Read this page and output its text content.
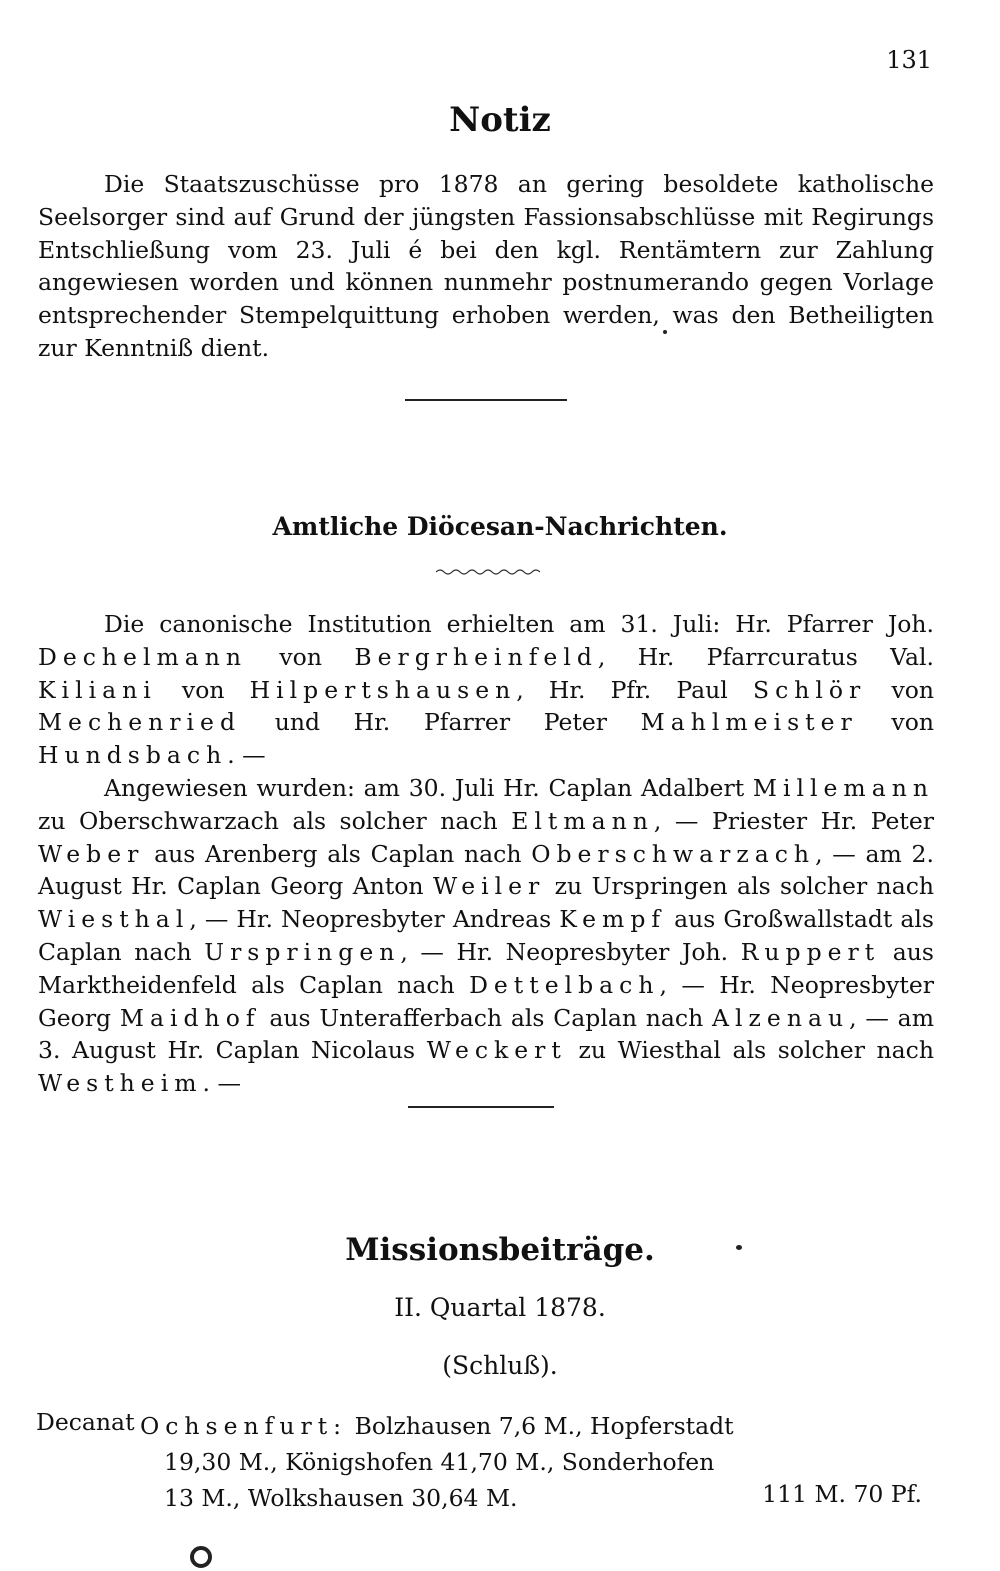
131
Notiz

Die Staatszuschüsse pro 1878 an gering besoldete katholische Seelsorger sind auf Grund der jüngsten Fassionsabschlüsse mit Regirungs Entschließung vom 23. Juli é bei den kgl. Rentämtern zur Zahlung angewiesen worden und können nunmehr postnumerando gegen Vorlage entsprechender Stempelquittung erhoben werden, was den Betheiligten zur Kenntniß dient.

Amtliche Diöcesan-Nachrichten.

Die canonische Institution erhielten am 31. Juli: Hr. Pfarrer Joh. Dechelmann von Bergrheinfeld, Hr. Pfarrcuratus Val. Kiliani von Hilpertshausen, Hr. Pfr. Paul Schlör von Mechenried und Hr. Pfarrer Peter Mahlmeister von Hundsbach. —

Angewiesen wurden: am 30. Juli Hr. Caplan Adalbert Millemann zu Oberschwarzach als solcher nach Eltmann, — Priester Hr. Peter Weber aus Arenberg als Caplan nach Oberschwarzach, — am 2. August Hr. Caplan Georg Anton Weiler zu Urspringen als solcher nach Wiesthal, — Hr. Neopresbyter Andreas Kempf aus Großwallstadt als Caplan nach Urspringen, — Hr. Neopresbyter Joh. Ruppert aus Marktheidenfeld als Caplan nach Dettelbach, — Hr. Neopresbyter Georg Maidhof aus Unterafferbach als Caplan nach Alzenau, — am 3. August Hr. Caplan Nicolaus Weckert zu Wiesthal als solcher nach Westheim. —

Missionsbeiträge.
II. Quartal 1878.
(Schluß).
Decanat Ochsenfurt: Bolzhausen 7,6 M., Hopferstadt
19,30 M., Königshofen 41,70 M., Sonderhofen
13 M., Wolkshausen 30,64 M.	111 M. 70 Pf.
